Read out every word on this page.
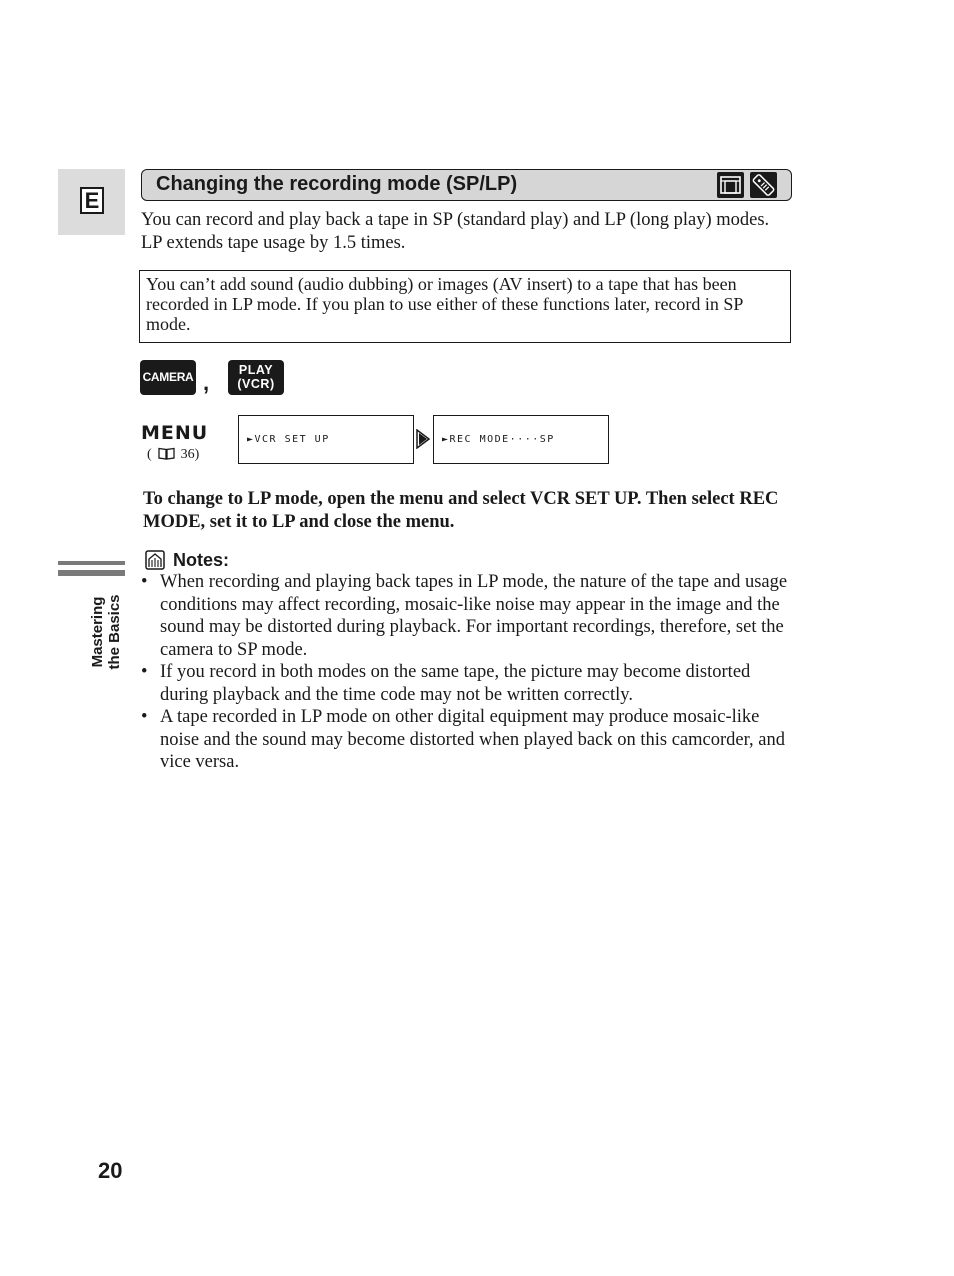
E
Changing the recording mode (SP/LP)
You can record and play back a tape in SP (standard play) and LP (long play) modes. LP extends tape usage by 1.5 times.
You can’t add sound (audio dubbing) or images (AV insert) to a tape that has been recorded in LP mode. If you plan to use either of these functions later, record in SP mode.
CAMERA ,	PLAY
(VCR)
MENU
( 36)
►VCR SET UP	►REC MODE····SP
To change to LP mode, open the menu and select VCR SET UP. Then select REC MODE, set it to LP and close the menu.
Notes:
• When recording and playing back tapes in LP mode, the nature of the tape and usage conditions may affect recording, mosaic-like noise may appear in the image and the sound may be distorted during playback. For important recordings, therefore, set the camera to SP mode.
• If you record in both modes on the same tape, the picture may become distorted during playback and the time code may not be written correctly.
• A tape recorded in LP mode on other digital equipment may produce mosaic-like noise and the sound may become distorted when played back on this camcorder, and vice versa.
Mastering the Basics
20
